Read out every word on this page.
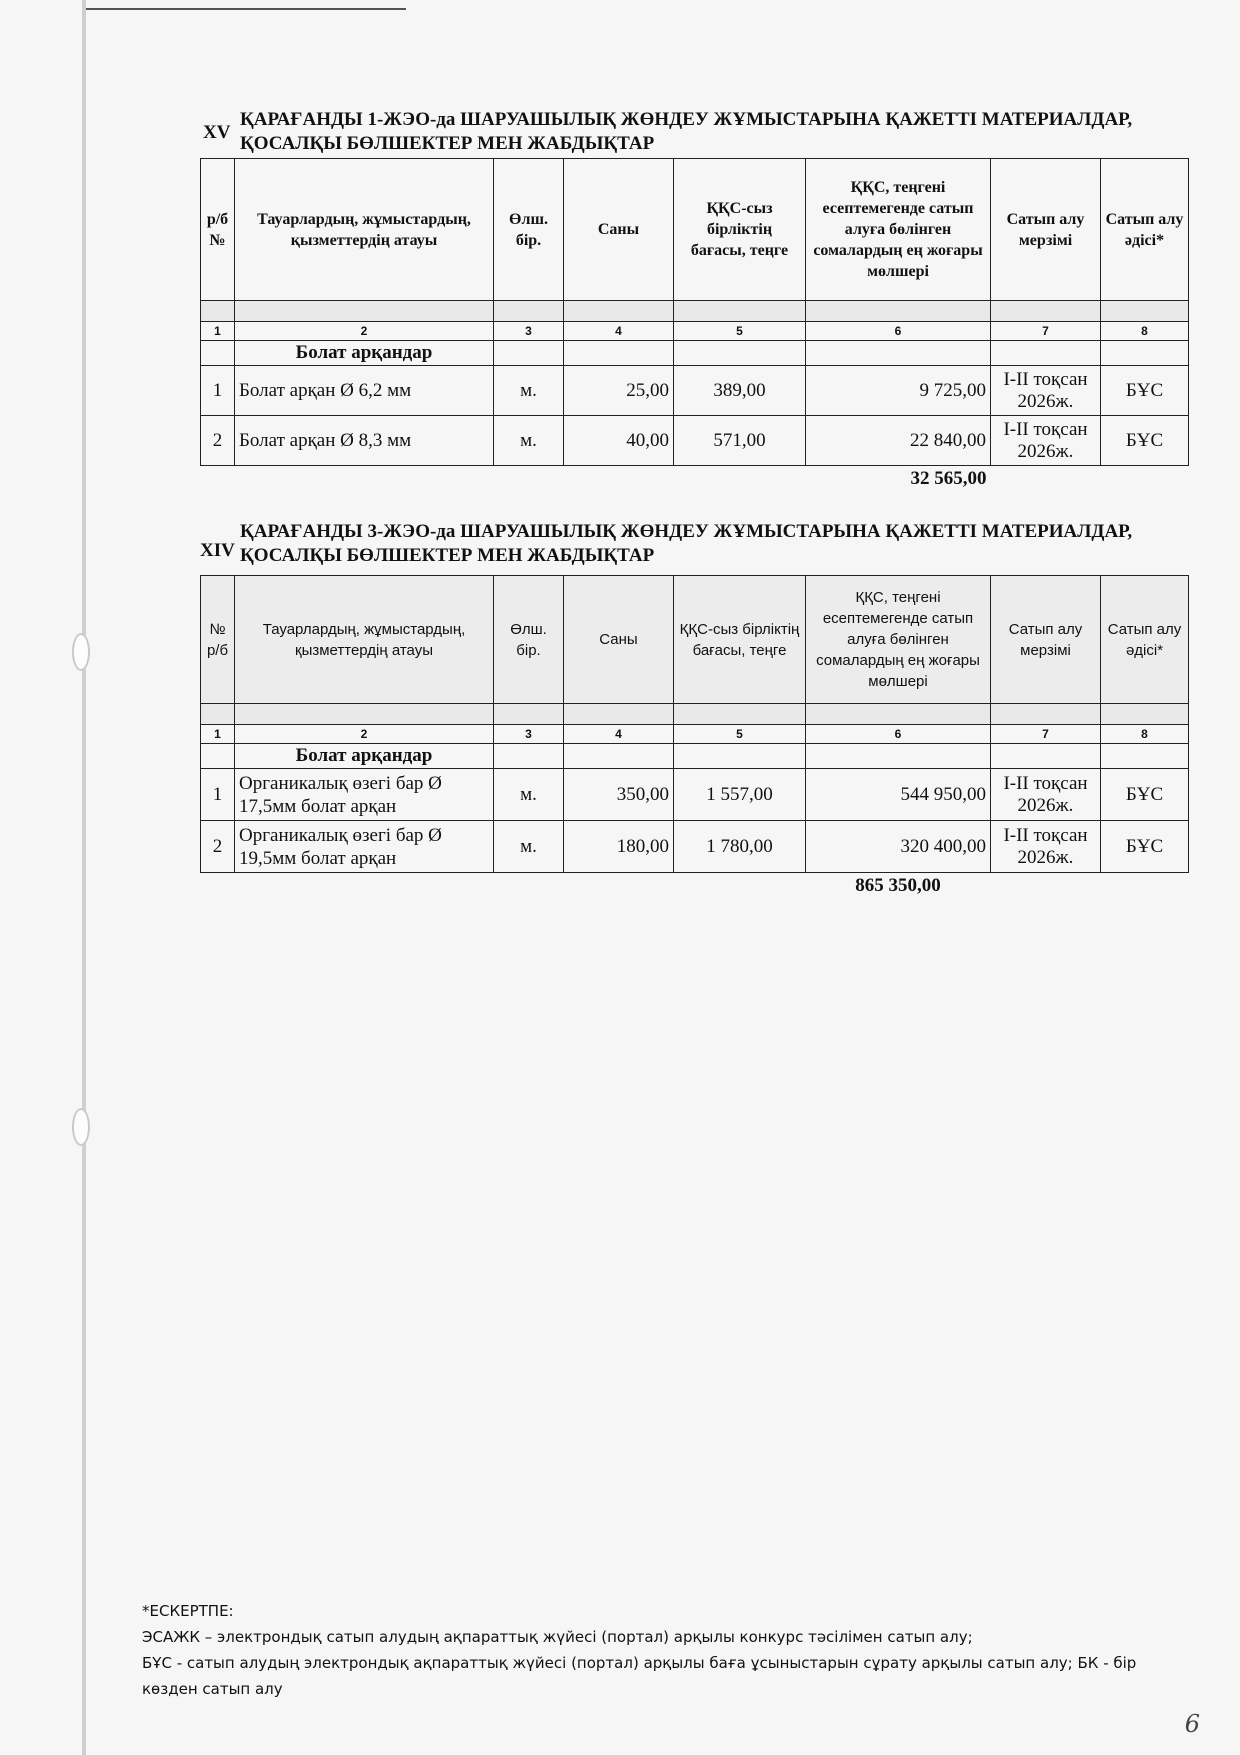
XV
ҚАРАҒАНДЫ 1-ЖЭО-да ШАРУАШЫЛЫҚ ЖӨНДЕУ ЖҰМЫСТАРЫНА ҚАЖЕТТІ МАТЕРИАЛДАР,
ҚОСАЛҚЫ БӨЛШЕКТЕР МЕН ЖАБДЫҚТАР
р/б №	Тауарлардың, жұмыстардың, қызметтердің атауы	Өлш. бір.	Саны	ҚҚС-сыз бірліктің бағасы, теңге	ҚҚС, теңгені есептемегенде сатып алуға бөлінген сомалардың ең жоғары мөлшері	Сатып алу мерзімі	Сатып алу әдісі*

1	2	3	4	5	6	7	8
	Болат арқандар						
1	Болат арқан Ø 6,2 мм	м.	25,00	389,00	9 725,00	I-II тоқсан 2026ж.	БҰС
2	Болат арқан Ø 8,3 мм	м.	40,00	571,00	22 840,00	I-II тоқсан 2026ж.	БҰС
					32 565,00		
XIV
ҚАРАҒАНДЫ 3-ЖЭО-да ШАРУАШЫЛЫҚ ЖӨНДЕУ ЖҰМЫСТАРЫНА ҚАЖЕТТІ МАТЕРИАЛДАР,
ҚОСАЛҚЫ БӨЛШЕКТЕР МЕН ЖАБДЫҚТАР
№ р/б	Тауарлардың, жұмыстардың, қызметтердің атауы	Өлш. бір.	Саны	ҚҚС-сыз бірліктің бағасы, теңге	ҚҚС, теңгені есептемегенде сатып алуға бөлінген сомалардың ең жоғары мөлшері	Сатып алу мерзімі	Сатып алу әдісі*

1	2	3	4	5	6	7	8
	Болат арқандар						
1	Органикалық өзегі бар Ø 17,5мм болат арқан	м.	350,00	1 557,00	544 950,00	I-II тоқсан 2026ж.	БҰС
2	Органикалық өзегі бар Ø 19,5мм болат арқан	м.	180,00	1 780,00	320 400,00	I-II тоқсан 2026ж.	БҰС
					865 350,00		
*ЕСКЕРТПЕ:
ЭСАЖК – электрондық сатып алудың ақпараттық жүйесі (портал) арқылы конкурс тәсілімен сатып алу;
БҰС - сатып алудың электрондық ақпараттық жүйесі (портал) арқылы баға ұсыныстарын сұрату арқылы сатып алу; БК - бір көзден сатып алу
6
